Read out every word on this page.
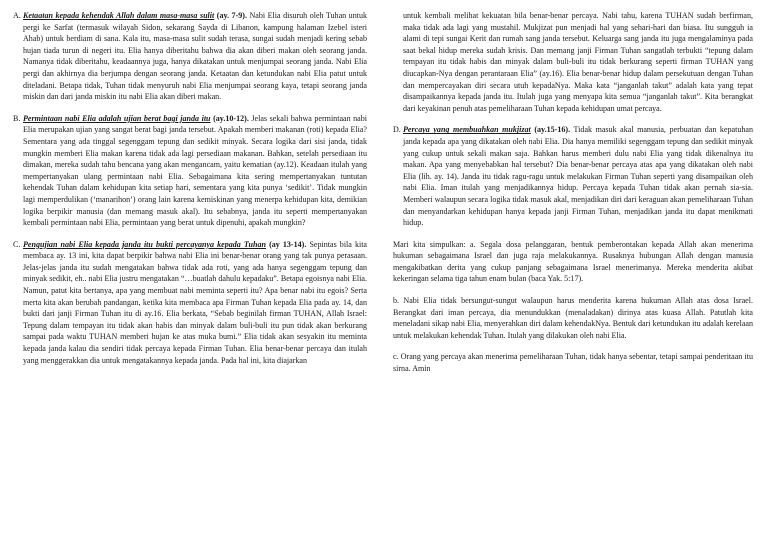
A. Ketaatan kepada kehendak Allah dalam masa-masa sulit (ay. 7-9). Nabi Elia disuruh oleh Tuhan untuk pergi ke Sarfat (termasuk wilayah Sidon, sekarang Sayda di Libanon, kampung halaman Izebel isteri Ahab) untuk berdiam di sana. Kala itu, masa-masa sulit sudah terasa, sungai sudah menjadi kering sebab hujan tiada turun di negeri itu. Elia hanya diberitahu bahwa dia akan diberi makan oleh seorang janda. Namanya tidak diberitahu, keadaannya juga, hanya dikatakan untuk menjumpai seorang janda. Nabi Elia pergi dan akhirnya dia berjumpa dengan seorang janda. Ketaatan dan ketundukan nabi Elia patut untuk diteladani. Betapa tidak, Tuhan tidak menyuruh nabi Elia menjumpai seorang kaya, tetapi seorang janda miskin dan dari janda miskin itu nabi Elia akan diberi makan.
B. Permintaan nabi Elia adalah ujian berat bagi janda itu (ay.10-12). Jelas sekali bahwa permintaan nabi Elia merupakan ujian yang sangat berat bagi janda tersebut. Apakah memberi makanan (roti) kepada Elia? Sementara yang ada tinggal segenggam tepung dan sedikit minyak. Secara logika dari sisi janda, tidak mungkin memberi Elia makan karena tidak ada lagi persediaan makanan. Bahkan, setelah persediaan itu dimakan, mereka sudah tahu bencana yang akan mengancam, yaitu kematian (ay.12). Keadaan itulah yang mempertanyakan ulang permintaan nabi Elia. Sebagaimana kita sering mempertanyakan tuntutan kehendak Tuhan dalam kehidupan kita setiap hari, sementara yang kita punya ‘sedikit’. Tidak mungkin lagi memperdulikan (‘manarihon’) orang lain karena kemiskinan yang menerpa kehidupan kita, demikian logika berpikir manusia (dan memang masuk akal). Itu sebabnya, janda itu seperti mempertanyakan kembali permintaan nabi Elia, permintaan yang berat untuk dipenuhi, apakah mungkin?
C. Pengujian nabi Elia kepada janda itu bukti percayanya kepada Tuhan (ay 13-14). Sepintas bila kita membaca ay. 13 ini, kita dapat berpikir bahwa nabi Elia ini benar-benar orang yang tak punya perasaan. Jelas-jelas janda itu sudah mengatakan bahwa tidak ada roti, yang ada hanya segenggam tepung dan minyak sedikit, eh.. nabi Elia justru mengatakan “…buatlah dahulu kepadaku”. Betapa egoisnya nabi Elia. Namun, patut kita bertanya, apa yang membuat nabi meminta seperti itu? Apa benar nabi itu egois? Serta merta kita akan berubah pandangan, ketika kita membaca apa Firman Tuhan kepada Elia pada ay. 14, dan bukti dari janji Firman Tuhan itu di ay.16. Elia berkata, “Sebab beginilah firman TUHAN, Allah Israel: Tepung dalam tempayan itu tidak akan habis dan minyak dalam buli-buli itu pun tidak akan berkurang sampai pada waktu TUHAN memberi hujan ke atas muka bumi.” Elia tidak akan sesyakin itu meminta kepada janda kalau dia sendiri tidak percaya kepada Firman Tuhan. Elia benar-benar percaya dan itulah yang menggerakkan dia untuk mengatakannya kepada janda. Pada hal ini, kita diajarkan
untuk kembali melihat kekuatan bila benar-benar percaya. Nabi tahu, karena TUHAN sudah berfirman, maka tidak ada lagi yang mustahil. Mukjizat pun menjadi hal yang sehari-hari dan biasa. Itu sungguh ia alami di tepi sungai Kerit dan rumah sang janda tersebut. Keluarga sang janda itu juga mengalaminya pada saat bekal hidup mereka sudah krisis. Dan memang janji Firman Tuhan sangatlah terbukti “tepung dalam tempayan itu tidak habis dan minyak dalam buli-buli itu tidak berkurang seperti firman TUHAN yang diucapkan-Nya dengan perantaraan Elia” (ay.16). Elia benar-benar hidup dalam persekutuan dengan Tuhan dan mempercayakan diri secara utuh kepadaNya. Maka kata “janganlah takut” adalah kata yang tepat disampaikannya kepada janda itu. Itulah juga yang menyapa kita semua “janganlah takut”. Kita berangkat dari keyakinan penuh atas pemeliharaan Tuhan kepada kehidupan umat percaya.
D. Percaya yang membuahkan mukjizat (ay.15-16). Tidak masuk akal manusia, perbuatan dan kepatuhan janda kepada apa yang dikatakan oleh nabi Elia. Dia hanya memiliki segenggam tepung dan sedikit minyak yang cukup untuk sekali makan saja. Bahkan harus memberi dulu nabi Elia yang tidak dikenalnya itu makan. Apa yang menyebabkan hal tersebut? Dia benar-benar percaya atas apa yang dikatakan oleh nabi Elia (lih. ay. 14). Janda itu tidak ragu-ragu untuk melakukan Firman Tuhan seperti yang disampaikan oleh nabi Elia. Iman itulah yang menjadikannya hidup. Percaya kepada Tuhan tidak akan pernah sia-sia. Memberi walaupun secara logika tidak masuk akal, menjadikan diri dari keraguan akan pemeliharaan Tuhan dan menyandarkan kehidupan hanya kepada janji Firman Tuhan, menjadikan janda itu dapat menikmati hidup.

Mari kita simpulkan: a. Segala dosa pelanggaran, bentuk pemberontakan kepada Allah akan menerima hukuman sebagaimana Israel dan juga raja melakukannya. Rusaknya hubungan Allah dengan manusia mengakibatkan derita yang cukup panjang sebagaimana Israel menerimanya. Mereka menderita akibat kekeringan selama tiga tahun enam bulan (baca Yak. 5:17).

b. Nabi Elia tidak bersungut-sungut walaupun harus menderita karena hukuman Allah atas dosa Israel. Berangkat dari iman percaya, dia menundukkan (menaladakan) dirinya atas kuasa Allah. Patutlah kita meneladani sikap nabi Elia, menyerahkan diri dalam kehendakNya. Bentuk dari ketundukan itu adalah kerelaan untuk melakukan kehendak Tuhan. Itulah yang dilakukan oleh nabi Elia.

c. Orang yang percaya akan menerima pemeliharaan Tuhan, tidak hanya sebentar, tetapi sampai penderitaan itu sirna. Amin
